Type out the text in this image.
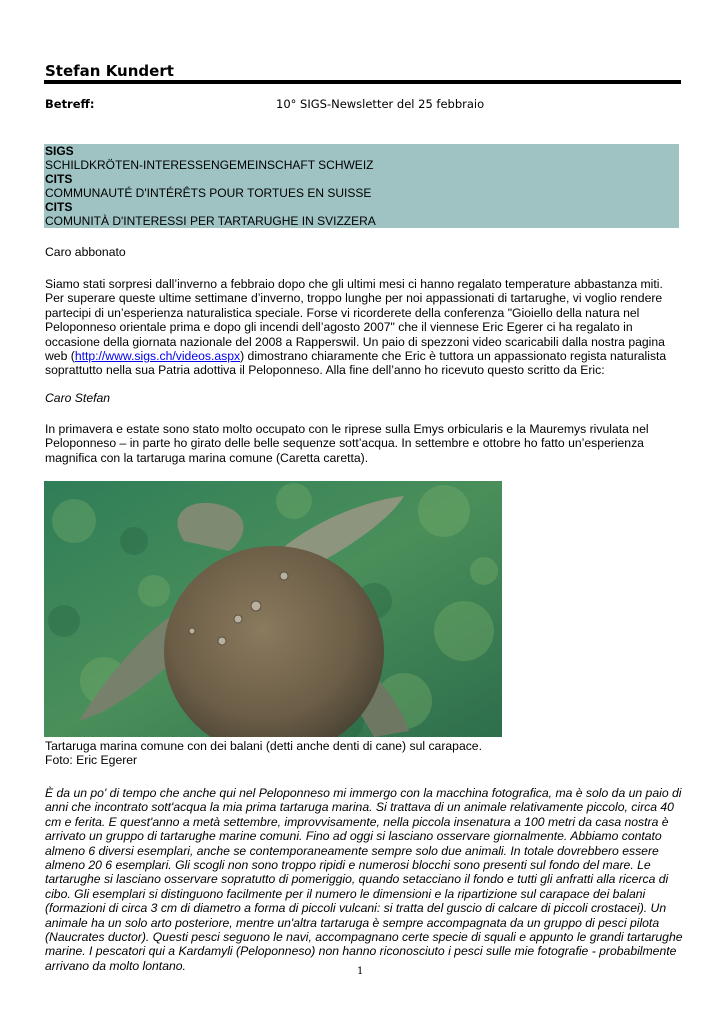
Stefan Kundert
Betreff:	10° SIGS-Newsletter del 25 febbraio
SIGS
SCHILDKRÖTEN-INTERESSENGEMEINSCHAFT SCHWEIZ
CITS
COMMUNAUTÉ D'INTÉRÊTS POUR TORTUES EN SUISSE
CITS
COMUNITÀ D'INTERESSI PER TARTARUGHE IN SVIZZERA
Caro abbonato
Siamo stati sorpresi dall’inverno a febbraio dopo che gli ultimi mesi ci hanno regalato temperature abbastanza miti. Per superare queste ultime settimane d’inverno, troppo lunghe per noi appassionati di tartarughe, vi voglio rendere partecipi di un’esperienza naturalistica speciale. Forse vi ricorderete della conferenza "Gioiello della natura nel Peloponneso orientale prima e dopo gli incendi dell’agosto 2007" che il viennese Eric Egerer ci ha regalato in occasione della giornata nazionale del 2008 a Rapperswil. Un paio di spezzoni video scaricabili dalla nostra pagina web (http://www.sigs.ch/videos.aspx) dimostrano chiaramente che Eric è tuttora un appassionato regista naturalista soprattutto nella sua Patria adottiva il Peloponneso. Alla fine dell’anno ho ricevuto questo scritto da Eric:
Caro Stefan
In primavera e estate sono stato molto occupato con le riprese sulla Emys orbicularis e la Mauremys rivulata nel Peloponneso – in parte ho girato delle belle sequenze sott’acqua. In settembre e ottobre ho fatto un’esperienza magnifica con la tartaruga marina comune (Caretta caretta).
Tartaruga marina comune con dei balani (detti anche denti di cane) sul carapace.
Foto: Eric Egerer
È da un po' di tempo che anche qui nel Peloponneso mi immergo con la macchina fotografica, ma è solo da un paio di anni che incontrato sott'acqua la mia prima tartaruga marina. Si trattava di un animale relativamente piccolo, circa 40 cm e ferita. E quest'anno a metà settembre, improvvisamente, nella piccola insenatura a 100 metri da casa nostra è arrivato un gruppo di tartarughe marine comuni. Fino ad oggi si lasciano osservare giornalmente. Abbiamo contato almeno 6 diversi esemplari, anche se contemporaneamente sempre solo due animali. In totale dovrebbero essere almeno 20 6 esemplari. Gli scogli non sono troppo ripidi e numerosi blocchi sono presenti sul fondo del mare. Le tartarughe si lasciano osservare sopratutto di pomeriggio, quando setacciano il fondo e tutti gli anfratti alla ricerca di cibo. Gli esemplari si distinguono facilmente per il numero le dimensioni e la ripartizione sul carapace dei balani (formazioni di circa 3 cm di diametro a forma di piccoli vulcani: si tratta del guscio di calcare di piccoli crostacei). Un animale ha un solo arto posteriore, mentre un'altra tartaruga è sempre accompagnata da un gruppo di pesci pilota (Naucrates ductor). Questi pesci seguono le navi, accompagnano certe specie di squali e appunto le grandi tartarughe marine. I pescatori qui a Kardamyli (Peloponneso) non hanno riconosciuto i pesci sulle mie fotografie - probabilmente arrivano da molto lontano.	1
